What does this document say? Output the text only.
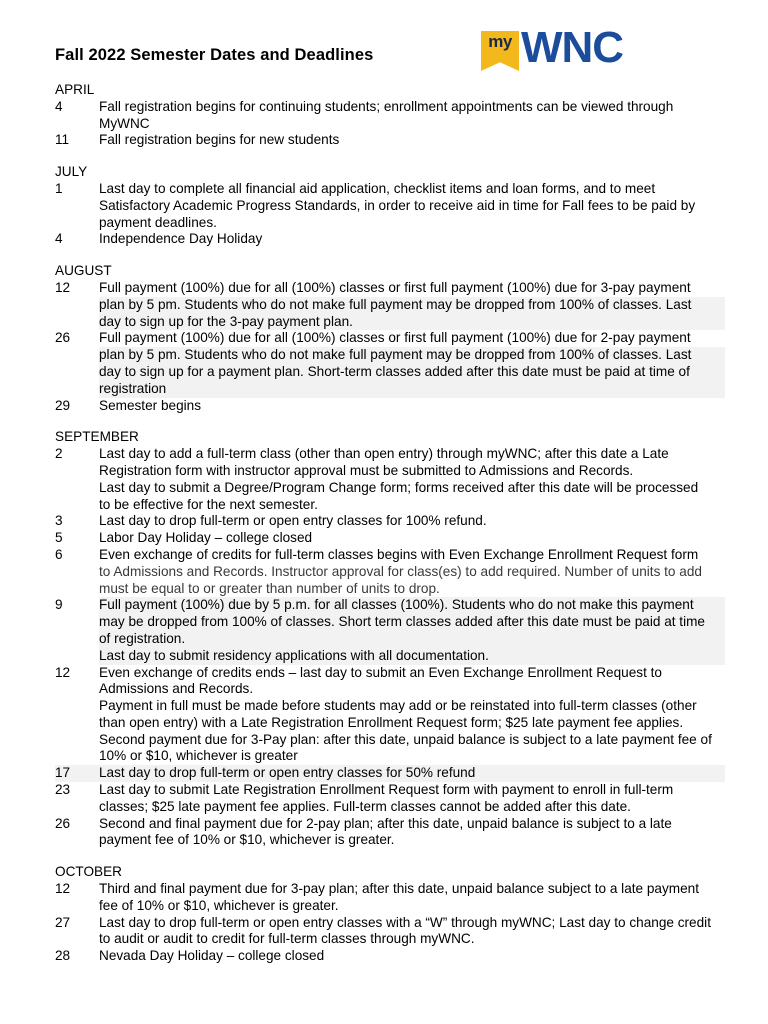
Fall 2022 Semester Dates and Deadlines
my WNC
APRIL
4	Fall registration begins for continuing students; enrollment appointments can be viewed through
MyWNC
11	Fall registration begins for new students
JULY
1	Last day to complete all financial aid application, checklist items and loan forms, and to meet
Satisfactory Academic Progress Standards, in order to receive aid in time for Fall fees to be paid by
payment deadlines.
4	Independence Day Holiday
AUGUST
12	Full payment (100%) due for all (100%) classes or first full payment (100%) due for 3-pay payment
plan by 5 pm. Students who do not make full payment may be dropped from 100% of classes. Last
day to sign up for the 3-pay payment plan.
26	Full payment (100%) due for all (100%) classes or first full payment (100%) due for 2-pay payment
plan by 5 pm. Students who do not make full payment may be dropped from 100% of classes. Last
day to sign up for a payment plan. Short-term classes added after this date must be paid at time of
registration
29	Semester begins
SEPTEMBER
2	Last day to add a full-term class (other than open entry) through myWNC; after this date a Late
Registration form with instructor approval must be submitted to Admissions and Records.
Last day to submit a Degree/Program Change form; forms received after this date will be processed
to be effective for the next semester.
3	Last day to drop full-term or open entry classes for 100% refund.
5	Labor Day Holiday – college closed
6	Even exchange of credits for full-term classes begins with Even Exchange Enrollment Request form
to Admissions and Records. Instructor approval for class(es) to add required. Number of units to add
must be equal to or greater than number of units to drop.
9	Full payment (100%) due by 5 p.m. for all classes (100%). Students who do not make this payment
may be dropped from 100% of classes. Short term classes added after this date must be paid at time
of registration.
Last day to submit residency applications with all documentation.
12	Even exchange of credits ends – last day to submit an Even Exchange Enrollment Request to
Admissions and Records.
Payment in full must be made before students may add or be reinstated into full-term classes (other
than open entry) with a Late Registration Enrollment Request form; $25 late payment fee applies.
Second payment due for 3-Pay plan: after this date, unpaid balance is subject to a late payment fee of
10% or $10, whichever is greater
17	Last day to drop full-term or open entry classes for 50% refund
23	Last day to submit Late Registration Enrollment Request form with payment to enroll in full-term
classes; $25 late payment fee applies. Full-term classes cannot be added after this date.
26	Second and final payment due for 2-pay plan; after this date, unpaid balance is subject to a late
payment fee of 10% or $10, whichever is greater.
OCTOBER
12	Third and final payment due for 3-pay plan; after this date, unpaid balance subject to a late payment
fee of 10% or $10, whichever is greater.
27	Last day to drop full-term or open entry classes with a “W” through myWNC; Last day to change credit
to audit or audit to credit for full-term classes through myWNC.
28	Nevada Day Holiday – college closed
